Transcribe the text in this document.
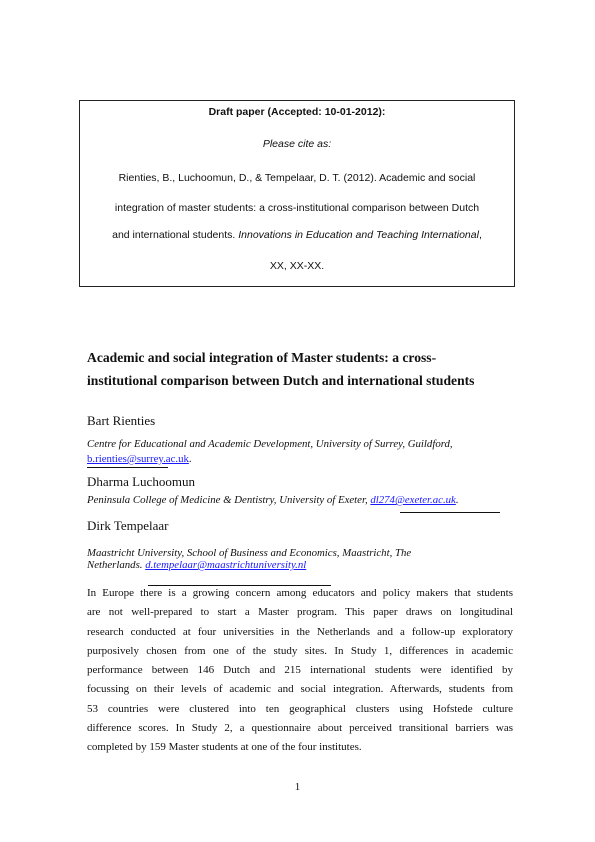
Draft paper (Accepted: 10-01-2012):
Please cite as:
Rienties, B., Luchoomun, D., & Tempelaar, D. T. (2012). Academic and social
integration of master students: a cross-institutional comparison between Dutch
and international students. Innovations in Education and Teaching International,
XX, XX-XX.
Academic and social integration of Master students: a cross-
institutional comparison between Dutch and international students
Bart Rienties
Centre for Educational and Academic Development, University of Surrey, Guildford,
b.rienties@surrey.ac.uk.
Dharma Luchoomun
Peninsula College of Medicine & Dentistry, University of Exeter, dl274@exeter.ac.uk.
Dirk Tempelaar
Maastricht University, School of Business and Economics, Maastricht, The
Netherlands. d.tempelaar@maastrichtuniversity.nl
In Europe there is a growing concern among educators and policy makers that students
are not well-prepared to start a Master program. This paper draws on longitudinal
research conducted at four universities in the Netherlands and a follow-up exploratory
purposively chosen from one of the study sites. In Study 1, differences in academic
performance between 146 Dutch and 215 international students were identified by
focussing on their levels of academic and social integration. Afterwards, students from
53 countries were clustered into ten geographical clusters using Hofstede culture
difference scores. In Study 2, a questionnaire about perceived transitional barriers was
completed by 159 Master students at one of the four institutes.
1
